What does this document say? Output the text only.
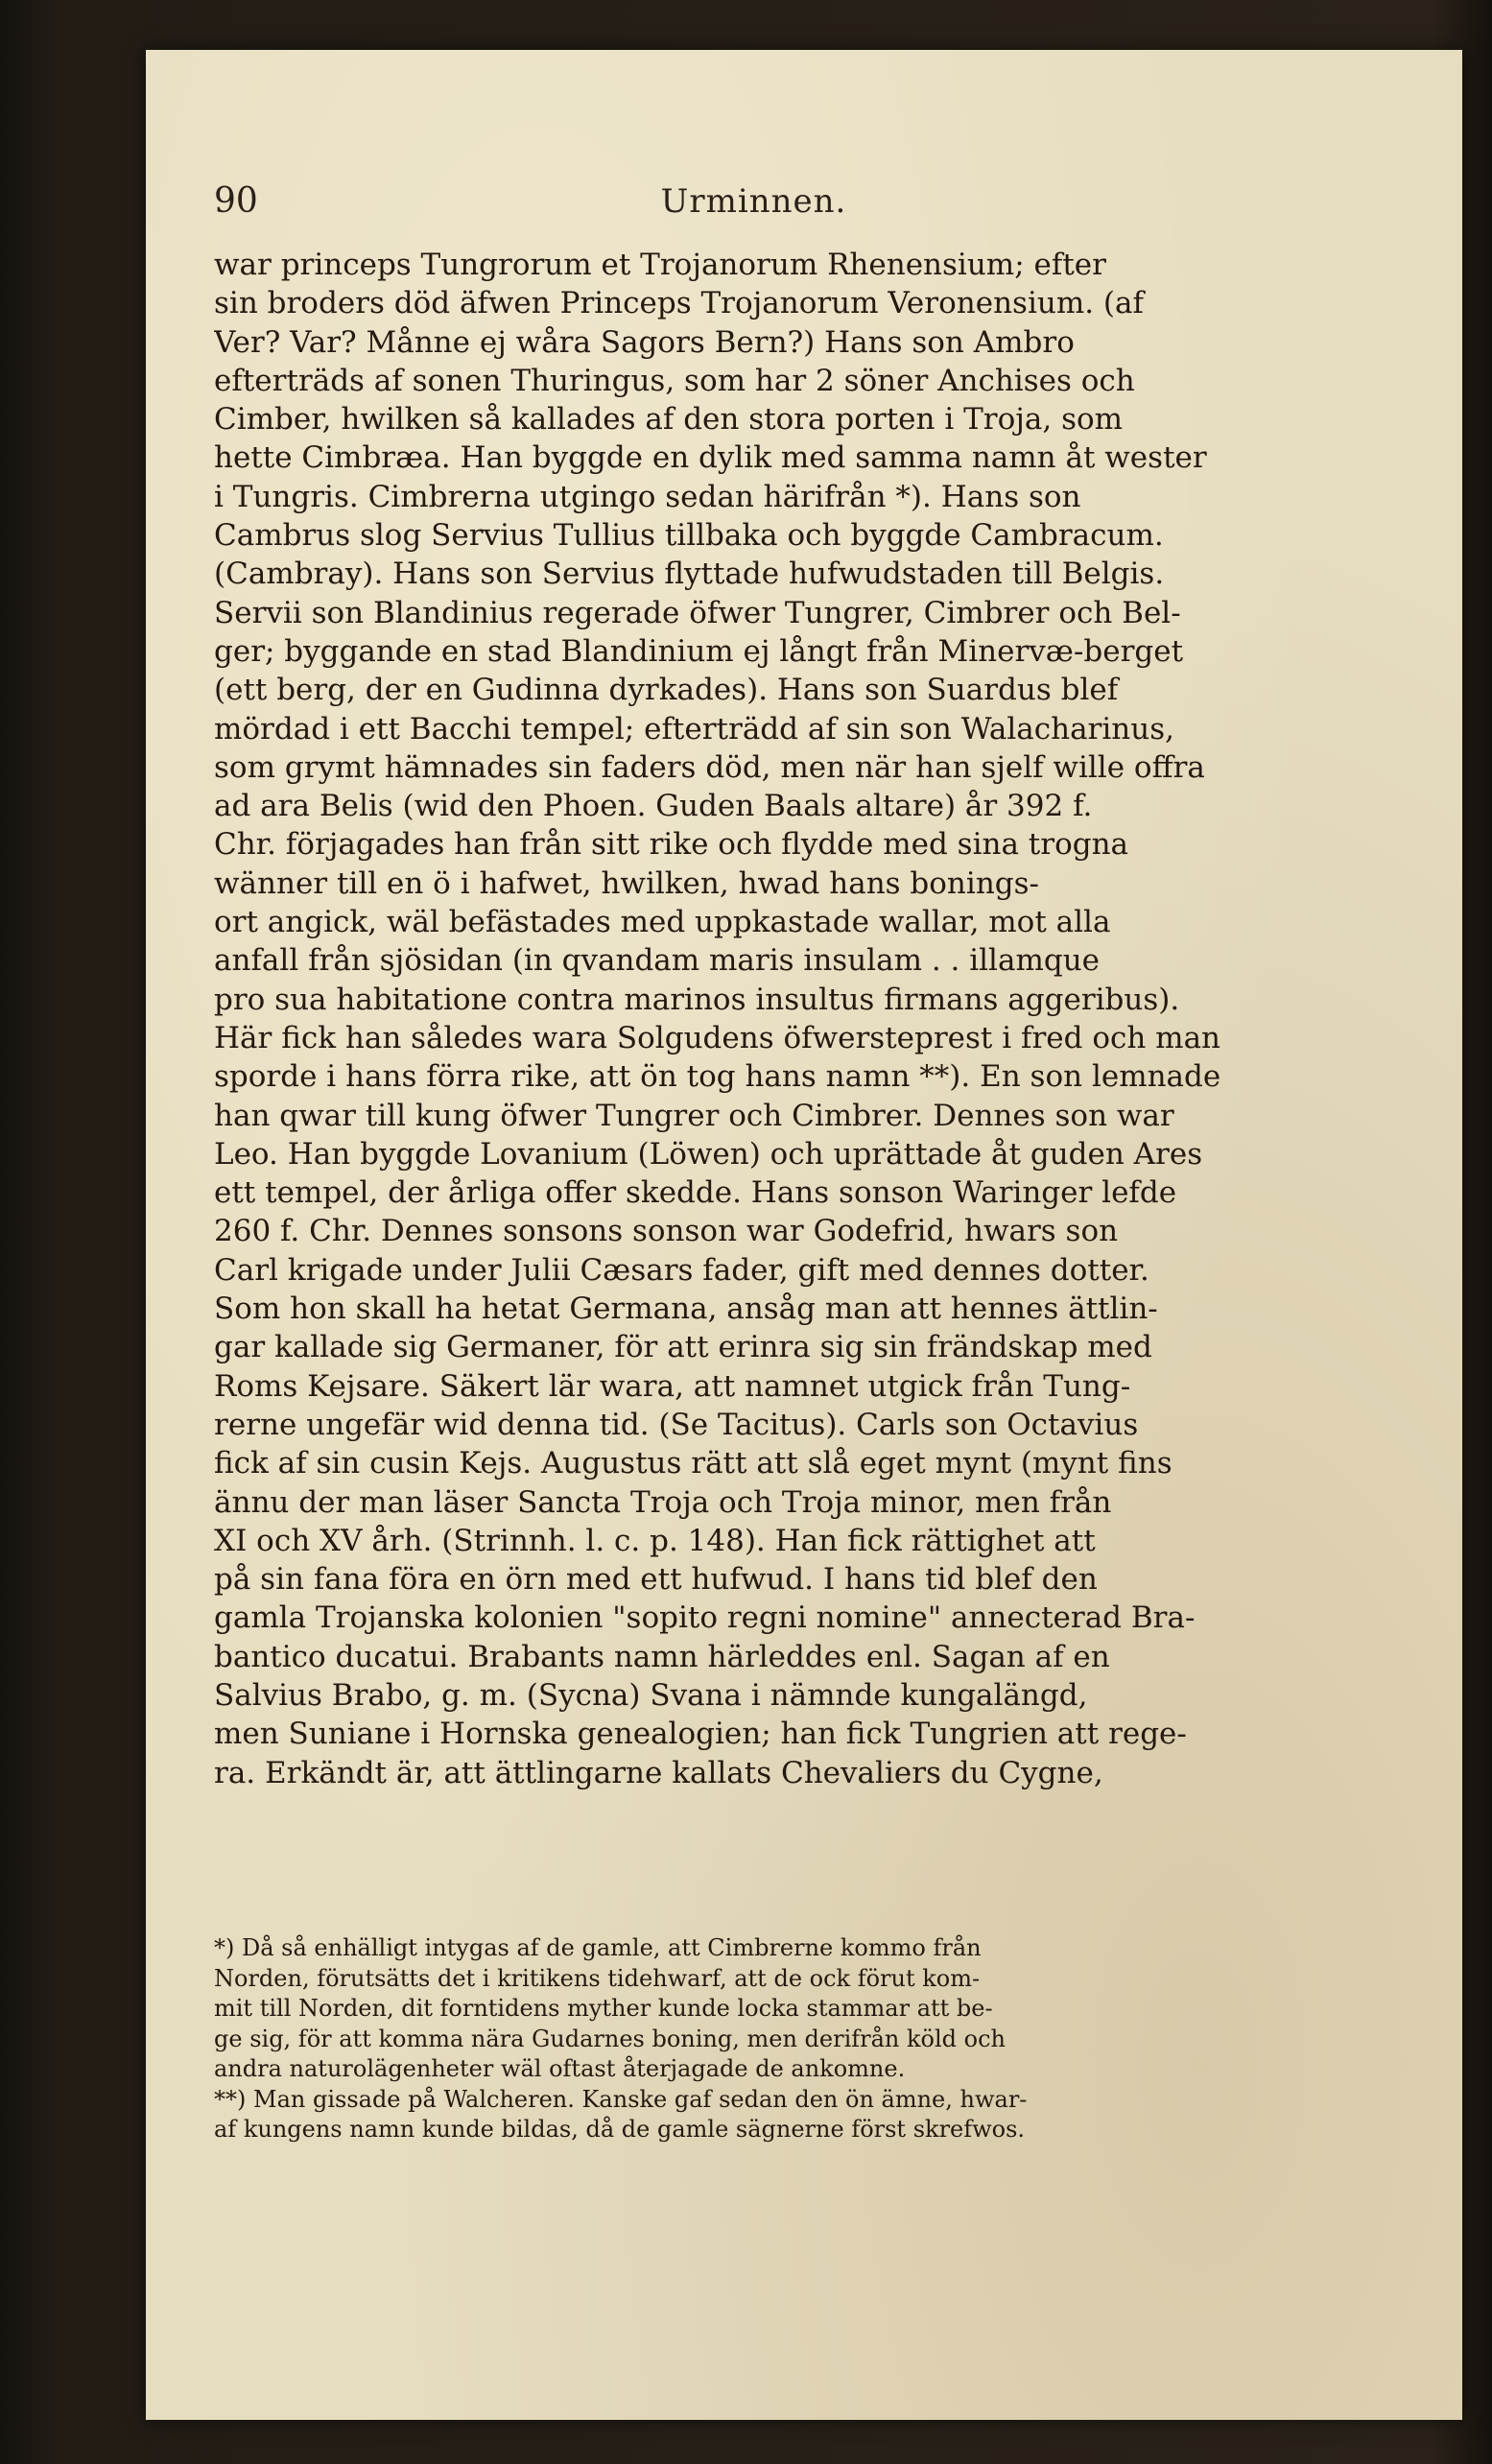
90	Urminnen.
war princeps Tungrorum et Trojanorum Rhenensium; efter
sin broders död äfwen Princeps Trojanorum Veronensium. (af
Ver? Var? Månne ej wåra Sagors Bern?) Hans son Ambro
efterträds af sonen Thuringus, som har 2 söner Anchises och
Cimber, hwilken så kallades af den stora porten i Troja, som
hette Cimbræa. Han byggde en dylik med samma namn åt wester
i Tungris. Cimbrerna utgingo sedan härifrån *). Hans son
Cambrus slog Servius Tullius tillbaka och byggde Cambracum.
(Cambray). Hans son Servius flyttade hufwudstaden till Belgis.
Servii son Blandinius regerade öfwer Tungrer, Cimbrer och Bel-
ger; byggande en stad Blandinium ej långt från Minervæ-berget
(ett berg, der en Gudinna dyrkades). Hans son Suardus blef
mördad i ett Bacchi tempel; efterträdd af sin son Walacharinus,
som grymt hämnades sin faders död, men när han sjelf wille offra
ad ara Belis (wid den Phoen. Guden Baals altare) år 392 f.
Chr. förjagades han från sitt rike och flydde med sina trogna
wänner till en ö i hafwet, hwilken, hwad hans bonings-
ort angick, wäl befästades med uppkastade wallar, mot alla
anfall från sjösidan (in qvandam maris insulam . . illamque
pro sua habitatione contra marinos insultus firmans aggeribus).
Här fick han således wara Solgudens öfwersteprest i fred och man
sporde i hans förra rike, att ön tog hans namn **). En son lemnade
han qwar till kung öfwer Tungrer och Cimbrer. Dennes son war
Leo. Han byggde Lovanium (Löwen) och uprättade åt guden Ares
ett tempel, der årliga offer skedde. Hans sonson Waringer lefde
260 f. Chr. Dennes sonsons sonson war Godefrid, hwars son
Carl krigade under Julii Cæsars fader, gift med dennes dotter.
Som hon skall ha hetat Germana, ansåg man att hennes ättlin-
gar kallade sig Germaner, för att erinra sig sin frändskap med
Roms Kejsare. Säkert lär wara, att namnet utgick från Tung-
rerne ungefär wid denna tid. (Se Tacitus). Carls son Octavius
fick af sin cusin Kejs. Augustus rätt att slå eget mynt (mynt fins
ännu der man läser Sancta Troja och Troja minor, men från
XI och XV årh. (Strinnh. l. c. p. 148). Han fick rättighet att
på sin fana föra en örn med ett hufwud. I hans tid blef den
gamla Trojanska kolonien "sopito regni nomine" annecterad Bra-
bantico ducatui. Brabants namn härleddes enl. Sagan af en
Salvius Brabo, g. m. (Sycna) Svana i nämnde kungalängd,
men Suniane i Hornska genealogien; han fick Tungrien att rege-
ra. Erkändt är, att ättlingarne kallats Chevaliers du Cygne,
*) Då så enhälligt intygas af de gamle, att Cimbrerne kommo från
Norden, förutsätts det i kritikens tidehwarf, att de ock förut kom-
mit till Norden, dit forntidens myther kunde locka stammar att be-
ge sig, för att komma nära Gudarnes boning, men derifrån köld och
andra naturolägenheter wäl oftast återjagade de ankomne.
**) Man gissade på Walcheren. Kanske gaf sedan den ön ämne, hwar-
af kungens namn kunde bildas, då de gamle sägnerne först skrefwos.
